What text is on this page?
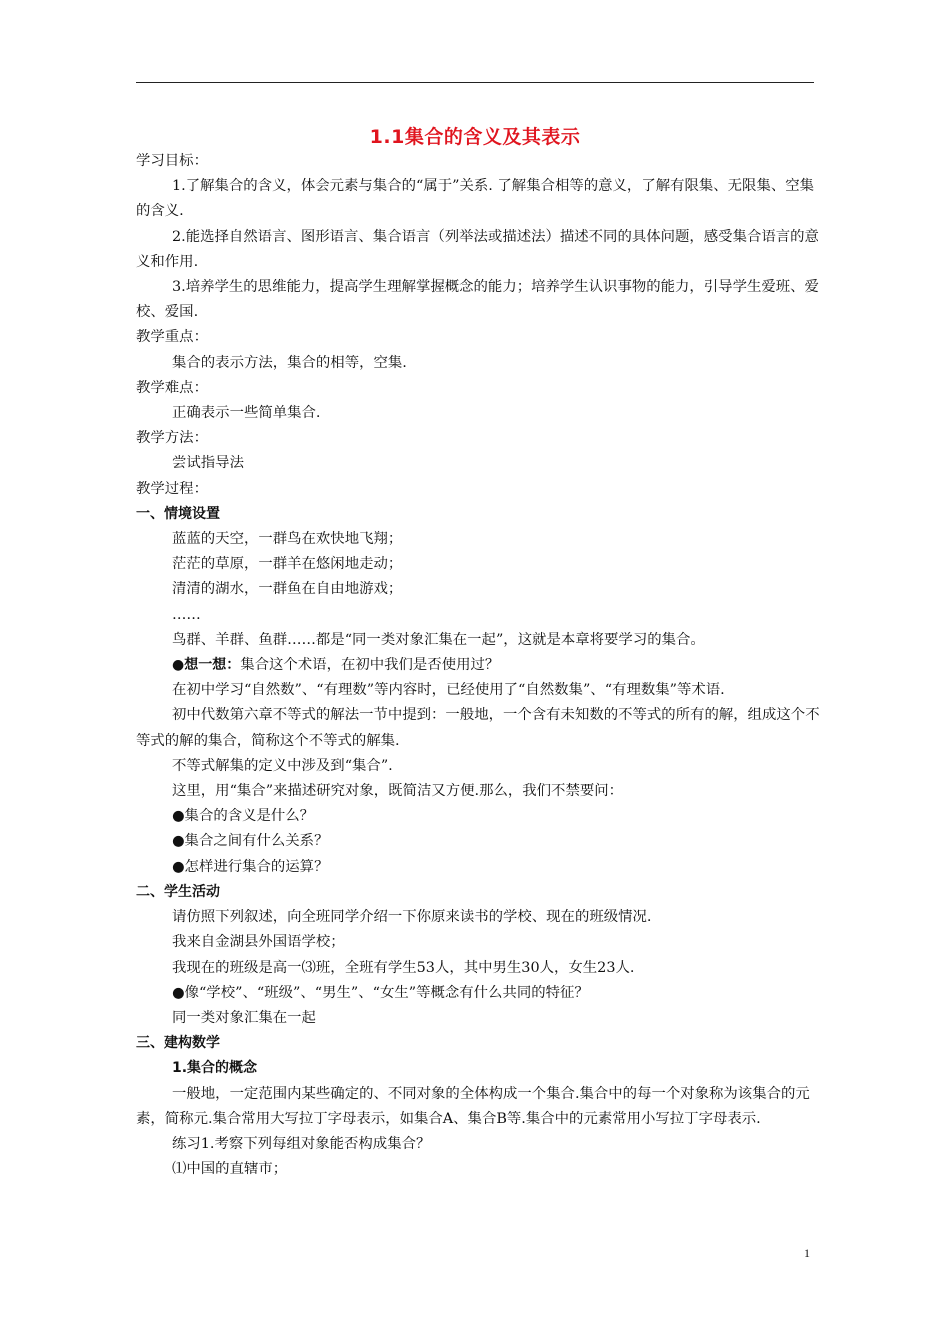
1.1集合的含义及其表示

学习目标：

1.了解集合的含义，体会元素与集合的“属于”关系. 了解集合相等的意义，了解有限集、无限集、空集的含义.

2.能选择自然语言、图形语言、集合语言（列举法或描述法）描述不同的具体问题，感受集合语言的意义和作用.

3.培养学生的思维能力，提高学生理解掌握概念的能力；培养学生认识事物的能力，引导学生爱班、爱校、爱国.

教学重点：

集合的表示方法，集合的相等，空集.

教学难点：

正确表示一些简单集合.

教学方法：

尝试指导法

教学过程：

一、情境设置

蓝蓝的天空，一群鸟在欢快地飞翔；

茫茫的草原，一群羊在悠闲地走动；

清清的湖水，一群鱼在自由地游戏；

……

鸟群、羊群、鱼群……都是“同一类对象汇集在一起”，这就是本章将要学习的集合。

●想一想：集合这个术语，在初中我们是否使用过？

在初中学习“自然数”、“有理数”等内容时，已经使用了“自然数集”、“有理数集”等术语.

初中代数第六章不等式的解法一节中提到：一般地，一个含有未知数的不等式的所有的解，组成这个不等式的解的集合，简称这个不等式的解集.

不等式解集的定义中涉及到“集合”.

这里，用“集合”来描述研究对象，既简洁又方便.那么，我们不禁要问：

●集合的含义是什么？

●集合之间有什么关系？

●怎样进行集合的运算？

二、学生活动

请仿照下列叙述，向全班同学介绍一下你原来读书的学校、现在的班级情况.

我来自金湖县外国语学校；

我现在的班级是高一⑶班，全班有学生53人，其中男生30人，女生23人.

●像“学校”、“班级”、“男生”、“女生”等概念有什么共同的特征？

同一类对象汇集在一起

三、建构数学

1.集合的概念

一般地，一定范围内某些确定的、不同对象的全体构成一个集合.集合中的每一个对象称为该集合的元素，简称元.集合常用大写拉丁字母表示，如集合A、集合B等.集合中的元素常用小写拉丁字母表示.

练习1.考察下列每组对象能否构成集合？

⑴中国的直辖市；

1
